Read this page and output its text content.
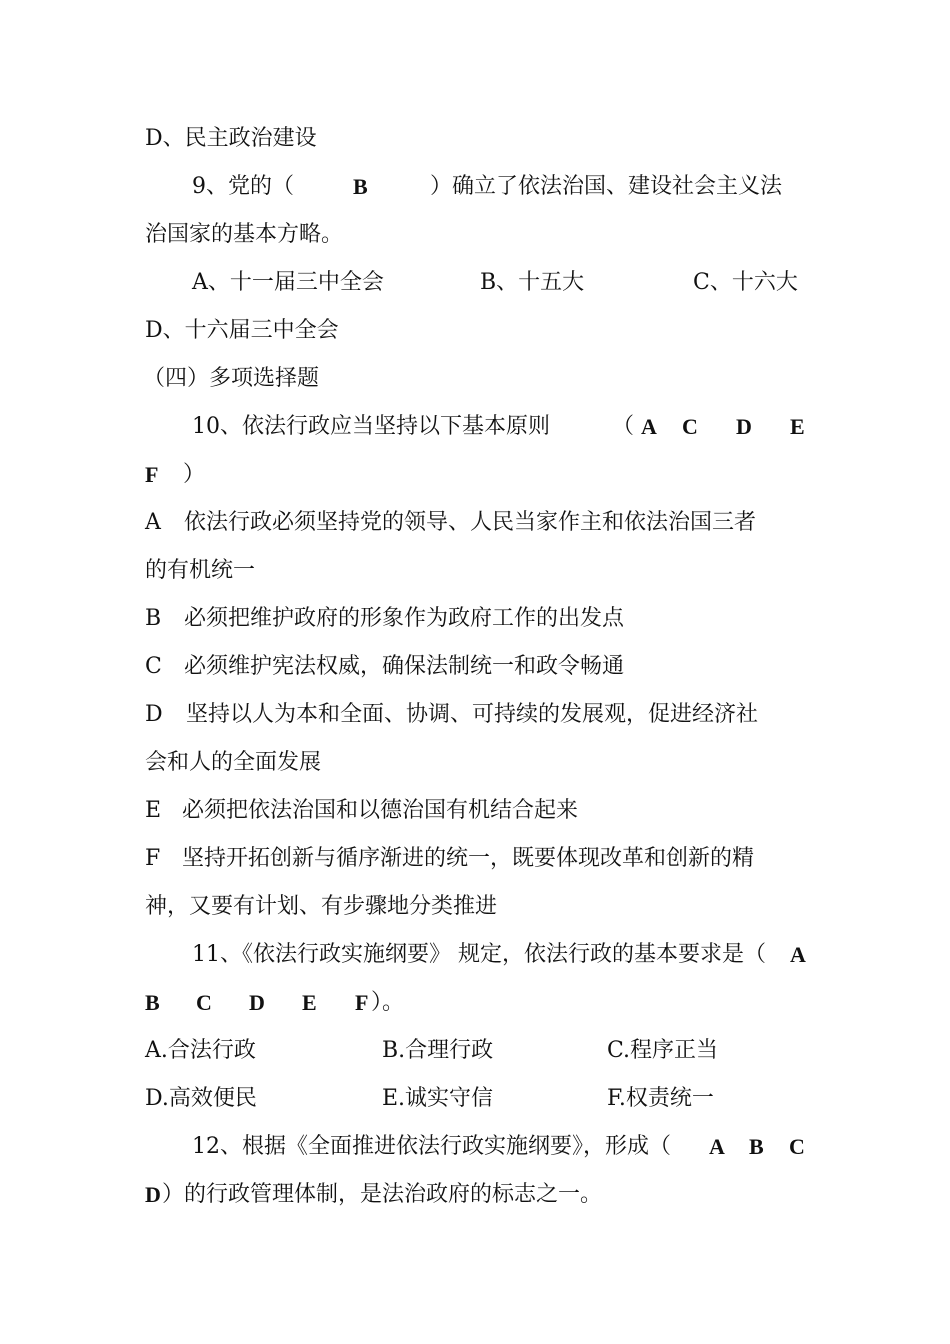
D、民主政治建设
9、党的（	B	）确立了依法治国、建设社会主义法
治国家的基本方略。
A、十一届三中全会	B、十五大	C、十六大
D、十六届三中全会
（四）多项选择题
10、依法行政应当坚持以下基本原则	（ A C D E
F ）
A 依法行政必须坚持党的领导、人民当家作主和依法治国三者
的有机统一
B 必须把维护政府的形象作为政府工作的出发点
C 必须维护宪法权威，确保法制统一和政令畅通
D 坚持以人为本和全面、协调、可持续的发展观，促进经济社
会和人的全面发展
E 必须把依法治国和以德治国有机结合起来
F 坚持开拓创新与循序渐进的统一，既要体现改革和创新的精
神，又要有计划、有步骤地分类推进
11、《依法行政实施纲要》 规定，依法行政的基本要求是（ A
B C D E F ）。
A.合法行政	B.合理行政	C.程序正当
D.高效便民	E.诚实守信	F.权责统一
12、根据《全面推进依法行政实施纲要》，形成（ A B C
D ）的行政管理体制，是法治政府的标志之一。
